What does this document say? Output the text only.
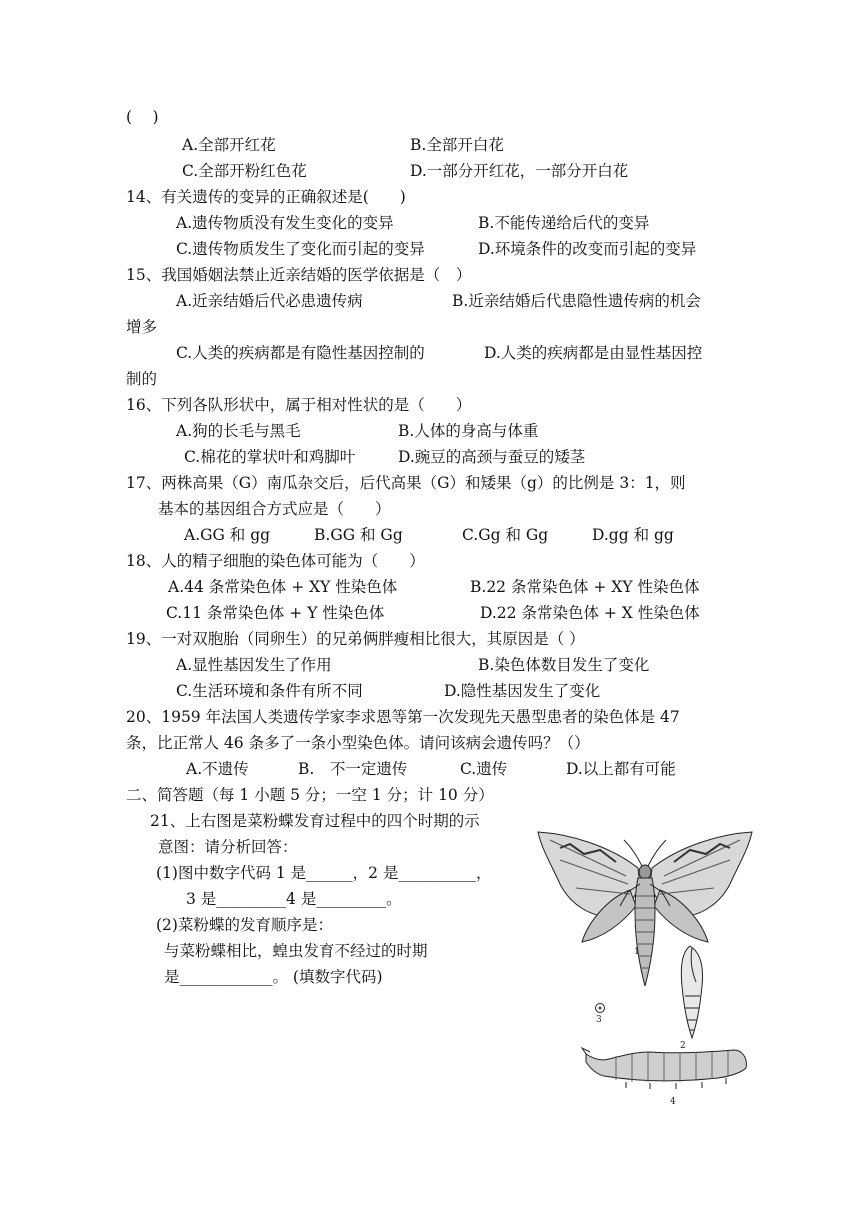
(　 )
A.全部开红花	B.全部开白花
C.全部开粉红色花	D.一部分开红花，一部分开白花
14、有关遗传的变异的正确叙述是(　　)
A.遗传物质没有发生变化的变异	B.不能传递给后代的变异
C.遗传物质发生了变化而引起的变异	D.环境条件的改变而引起的变异
15、我国婚姻法禁止近亲结婚的医学依据是（　）
A.近亲结婚后代必患遗传病	B.近亲结婚后代患隐性遗传病的机会
增多
C.人类的疾病都是有隐性基因控制的	D.人类的疾病都是由显性基因控
制的
16、下列各队形状中，属于相对性状的是（　　）
A.狗的长毛与黑毛	B.人体的身高与体重
C.棉花的掌状叶和鸡脚叶	D.豌豆的高颈与蚕豆的矮茎
17、两株高果（G）南瓜杂交后，后代高果（G）和矮果（g）的比例是 3：1，则
基本的基因组合方式应是（　　）
A.GG 和 gg	B.GG 和 Gg	C.Gg 和 Gg	D.gg 和 gg
18、人的精子细胞的染色体可能为（　　）
A.44 条常染色体 + XY 性染色体	B.22 条常染色体 + XY 性染色体
C.11 条常染色体 + Y 性染色体	D.22 条常染色体 + X 性染色体
19、一对双胞胎（同卵生）的兄弟俩胖瘦相比很大，其原因是（ ）
A.显性基因发生了作用	B.染色体数目发生了变化
C.生活环境和条件有所不同	D.隐性基因发生了变化
20、1959 年法国人类遗传学家李求恩等第一次发现先天愚型患者的染色体是 47
条，比正常人 46 条多了一条小型染色体。请问该病会遗传吗？（）
A.不遗传	B.　不一定遗传	C.遗传	D.以上都有可能
二、简答题（每 1 小题 5 分；一空 1 分；计 10 分）
21、上右图是菜粉蝶发育过程中的四个时期的示
意图：请分析回答：
(1)图中数字代码 1 是______，2 是__________，
3 是_________4 是_________。
(2)菜粉蝶的发育顺序是：
与菜粉蝶相比，蝗虫发育不经过的时期
是____________。 (填数字代码)
1
2
3
4
